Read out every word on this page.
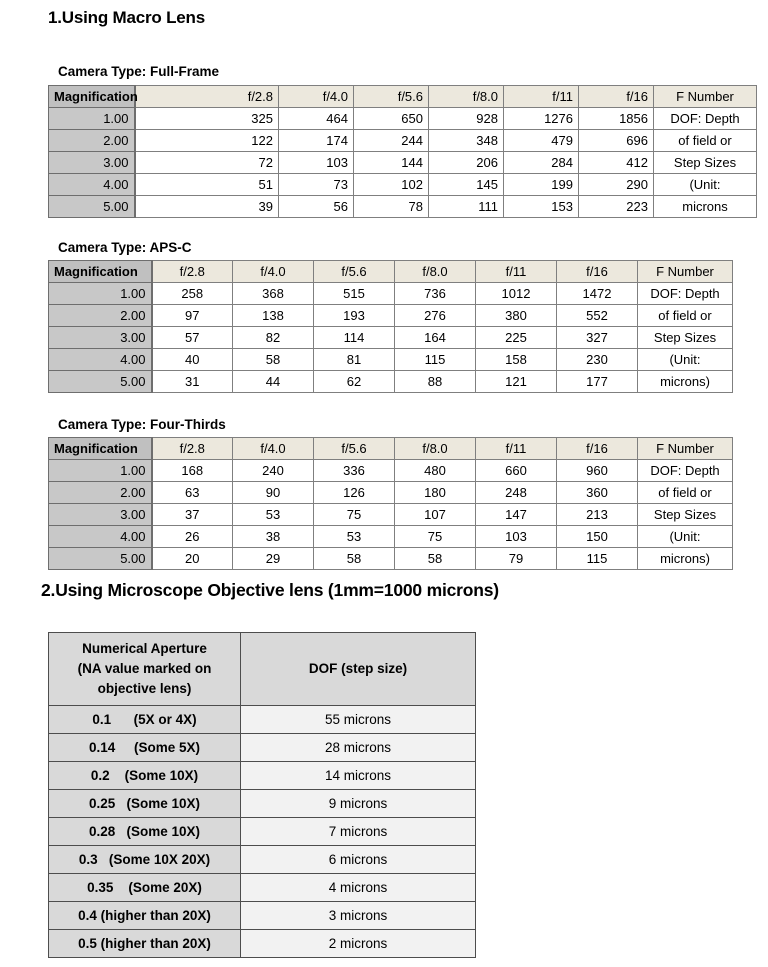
1.Using Macro Lens
Camera Type: Full-Frame
Magnification	f/2.8	f/4.0	f/5.6	f/8.0	f/11	f/16	F Number
1.00	325	464	650	928	1276	1856	DOF: Depth
2.00	122	174	244	348	479	696	of field or
3.00	72	103	144	206	284	412	Step Sizes
4.00	51	73	102	145	199	290	(Unit:
5.00	39	56	78	111	153	223	microns
Camera Type: APS-C
Magnification	f/2.8	f/4.0	f/5.6	f/8.0	f/11	f/16	F Number
1.00	258	368	515	736	1012	1472	DOF: Depth
2.00	97	138	193	276	380	552	of field or
3.00	57	82	114	164	225	327	Step Sizes
4.00	40	58	81	115	158	230	(Unit:
5.00	31	44	62	88	121	177	microns)
Camera Type: Four-Thirds
Magnification	f/2.8	f/4.0	f/5.6	f/8.0	f/11	f/16	F Number
1.00	168	240	336	480	660	960	DOF: Depth
2.00	63	90	126	180	248	360	of field or
3.00	37	53	75	107	147	213	Step Sizes
4.00	26	38	53	75	103	150	(Unit:
5.00	20	29	58	58	79	115	microns)
2.Using Microscope Objective lens (1mm=1000 microns)
Numerical Aperture
(NA value marked on
objective lens)	DOF (step size)
0.1      (5X or 4X)	55 microns
0.14     (Some 5X)	28 microns
0.2    (Some 10X)	14 microns
0.25   (Some 10X)	9 microns
0.28   (Some 10X)	7 microns
0.3   (Some 10X 20X)	6 microns
0.35    (Some 20X)	4 microns
0.4 (higher than 20X)	3 microns
0.5 (higher than 20X)	2 microns
